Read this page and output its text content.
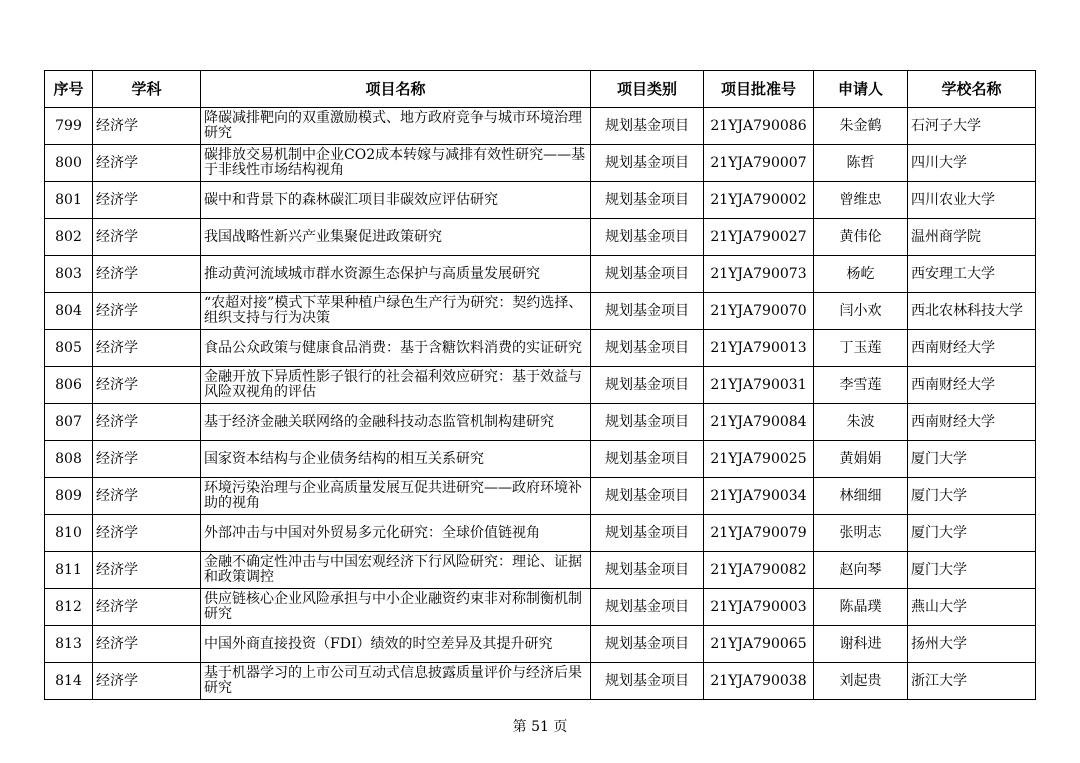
序号	学科	项目名称	项目类别	项目批准号	申请人	学校名称
799	经济学	降碳减排靶向的双重激励模式、地方政府竞争与城市环境治理研究	规划基金项目	21YJA790086	朱金鹤	石河子大学
800	经济学	碳排放交易机制中企业CO2成本转嫁与减排有效性研究——基于非线性市场结构视角	规划基金项目	21YJA790007	陈哲	四川大学
801	经济学	碳中和背景下的森林碳汇项目非碳效应评估研究	规划基金项目	21YJA790002	曾维忠	四川农业大学
802	经济学	我国战略性新兴产业集聚促进政策研究	规划基金项目	21YJA790027	黄伟伦	温州商学院
803	经济学	推动黄河流域城市群水资源生态保护与高质量发展研究	规划基金项目	21YJA790073	杨屹	西安理工大学
804	经济学	“农超对接”模式下苹果种植户绿色生产行为研究：契约选择、组织支持与行为决策	规划基金项目	21YJA790070	闫小欢	西北农林科技大学
805	经济学	食品公众政策与健康食品消费：基于含糖饮料消费的实证研究	规划基金项目	21YJA790013	丁玉莲	西南财经大学
806	经济学	金融开放下异质性影子银行的社会福利效应研究：基于效益与风险双视角的评估	规划基金项目	21YJA790031	李雪莲	西南财经大学
807	经济学	基于经济金融关联网络的金融科技动态监管机制构建研究	规划基金项目	21YJA790084	朱波	西南财经大学
808	经济学	国家资本结构与企业债务结构的相互关系研究	规划基金项目	21YJA790025	黄娟娟	厦门大学
809	经济学	环境污染治理与企业高质量发展互促共进研究——政府环境补助的视角	规划基金项目	21YJA790034	林细细	厦门大学
810	经济学	外部冲击与中国对外贸易多元化研究：全球价值链视角	规划基金项目	21YJA790079	张明志	厦门大学
811	经济学	金融不确定性冲击与中国宏观经济下行风险研究：理论、证据和政策调控	规划基金项目	21YJA790082	赵向琴	厦门大学
812	经济学	供应链核心企业风险承担与中小企业融资约束非对称制衡机制研究	规划基金项目	21YJA790003	陈晶璞	燕山大学
813	经济学	中国外商直接投资（FDI）绩效的时空差异及其提升研究	规划基金项目	21YJA790065	谢科进	扬州大学
814	经济学	基于机器学习的上市公司互动式信息披露质量评价与经济后果研究	规划基金项目	21YJA790038	刘起贵	浙江大学
第 51 页
